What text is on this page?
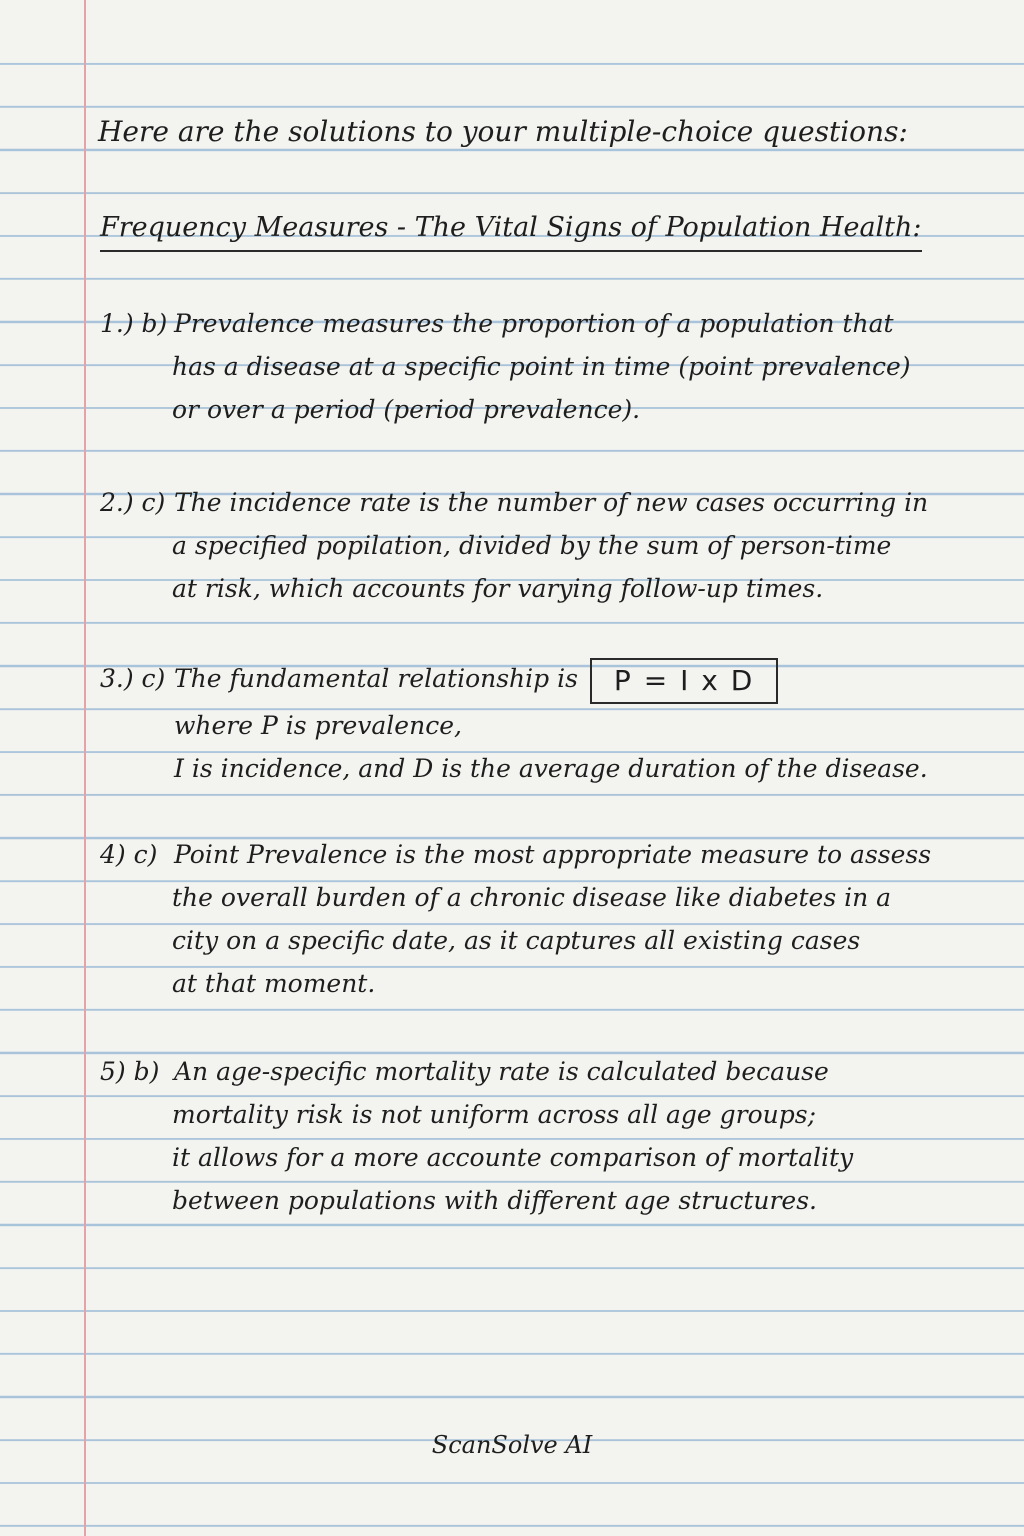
Here are the solutions to your multiple-choice questions:
Frequency Measures - The Vital Signs of Population Health:
1.) b) Prevalence measures the proportion of a population that
has a disease at a specific point in time (point prevalence)
or over a period (period prevalence).
2.) c) The incidence rate is the number of new cases occurring in
a specified popilation, divided by the sum of person-time
at risk, which accounts for varying follow-up times.
3.) c) The fundamental relationship is P = I x D
where P is prevalence,
I is incidence, and D is the average duration of the disease.
4) c) Point Prevalence is the most appropriate measure to assess
the overall burden of a chronic disease like diabetes in a
city on a specific date, as it captures all existing cases
at that moment.
5) b) An age-specific mortality rate is calculated because
mortality risk is not uniform across all age groups;
it allows for a more accounte comparison of mortality
between populations with different age structures.
ScanSolve AI
